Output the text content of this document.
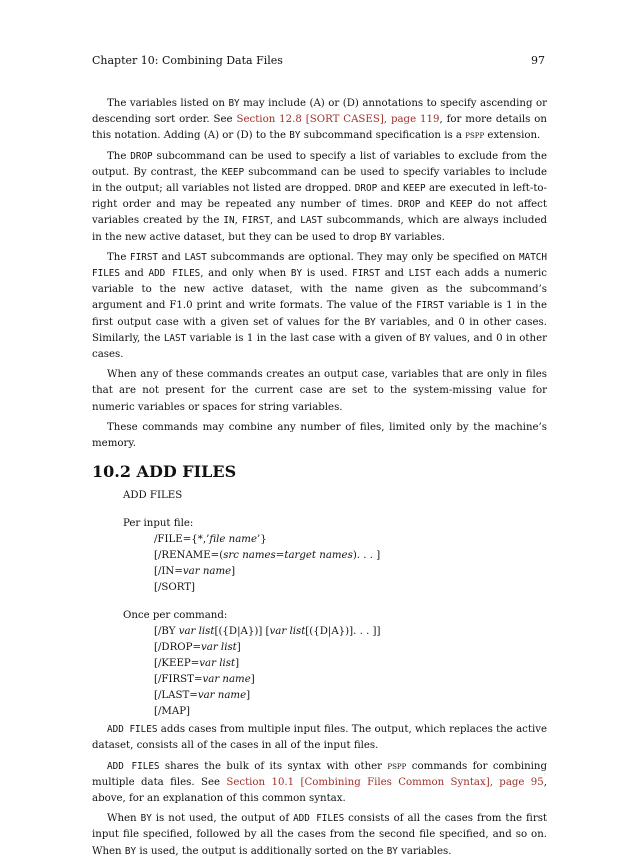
Chapter 10: Combining Data Files	97

The variables listed on BY may include (A) or (D) annotations to specify ascending or descending sort order. See Section 12.8 [SORT CASES], page 119, for more details on this notation. Adding (A) or (D) to the BY subcommand specification is a pspp extension.

The DROP subcommand can be used to specify a list of variables to exclude from the output. By contrast, the KEEP subcommand can be used to specify variables to include in the output; all variables not listed are dropped. DROP and KEEP are executed in left-to-right order and may be repeated any number of times. DROP and KEEP do not affect variables created by the IN, FIRST, and LAST subcommands, which are always included in the new active dataset, but they can be used to drop BY variables.

The FIRST and LAST subcommands are optional. They may only be specified on MATCH FILES and ADD FILES, and only when BY is used. FIRST and LIST each adds a numeric variable to the new active dataset, with the name given as the subcommand’s argument and F1.0 print and write formats. The value of the FIRST variable is 1 in the first output case with a given set of values for the BY variables, and 0 in other cases. Similarly, the LAST variable is 1 in the last case with a given of BY values, and 0 in other cases.

When any of these commands creates an output case, variables that are only in files that are not present for the current case are set to the system-missing value for numeric variables or spaces for string variables.

These commands may combine any number of files, limited only by the machine’s memory.

10.2 ADD FILES
ADD FILES
Per input file:
/FILE={*,’file name’}
[/RENAME=(src names=target names). . . ]
[/IN=var name]
[/SORT]
Once per command:
[/BY var list[({D|A})] [var list[({D|A})]. . . ]]
[/DROP=var list]
[/KEEP=var list]
[/FIRST=var name]
[/LAST=var name]
[/MAP]

ADD FILES adds cases from multiple input files. The output, which replaces the active dataset, consists all of the cases in all of the input files.

ADD FILES shares the bulk of its syntax with other pspp commands for combining multiple data files. See Section 10.1 [Combining Files Common Syntax], page 95, above, for an explanation of this common syntax.

When BY is not used, the output of ADD FILES consists of all the cases from the first input file specified, followed by all the cases from the second file specified, and so on. When BY is used, the output is additionally sorted on the BY variables.
